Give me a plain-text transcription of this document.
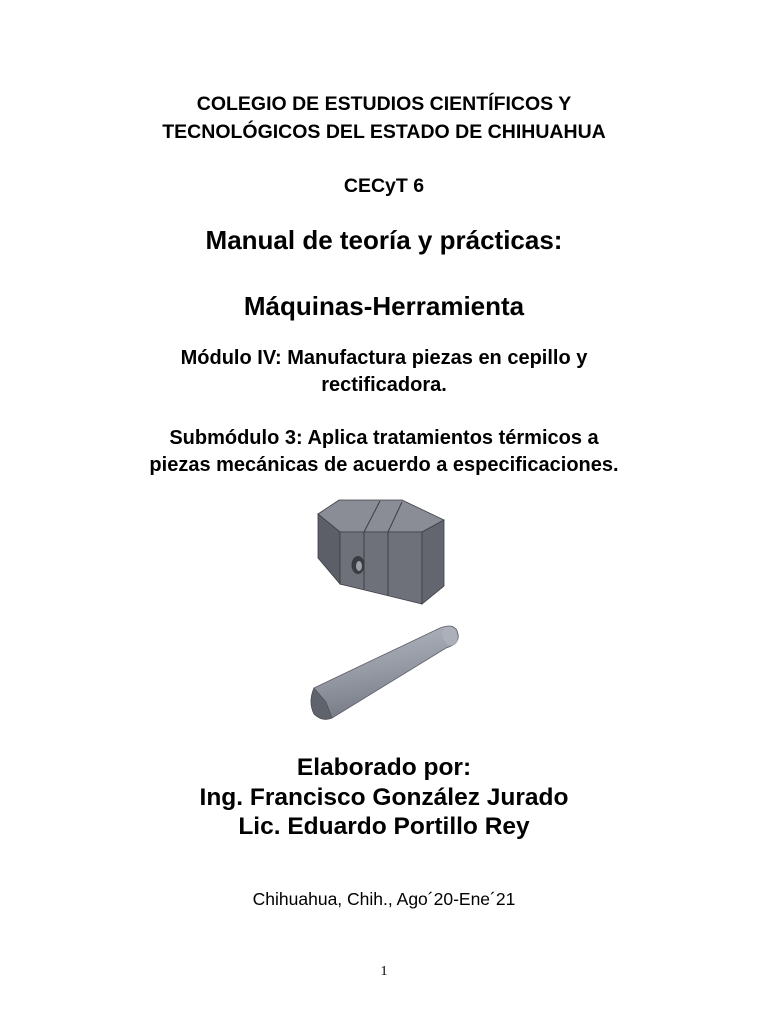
COLEGIO DE ESTUDIOS CIENTÍFICOS Y
TECNOLÓGICOS DEL ESTADO DE CHIHUAHUA
CECyT 6
Manual de teoría y prácticas:
Máquinas-Herramienta
Módulo IV: Manufactura piezas en cepillo y
rectificadora.
Submódulo 3: Aplica tratamientos térmicos a
piezas mecánicas de acuerdo a especificaciones.
Elaborado por:
Ing. Francisco González Jurado
Lic. Eduardo Portillo Rey
Chihuahua, Chih., Ago´20-Ene´21
1
